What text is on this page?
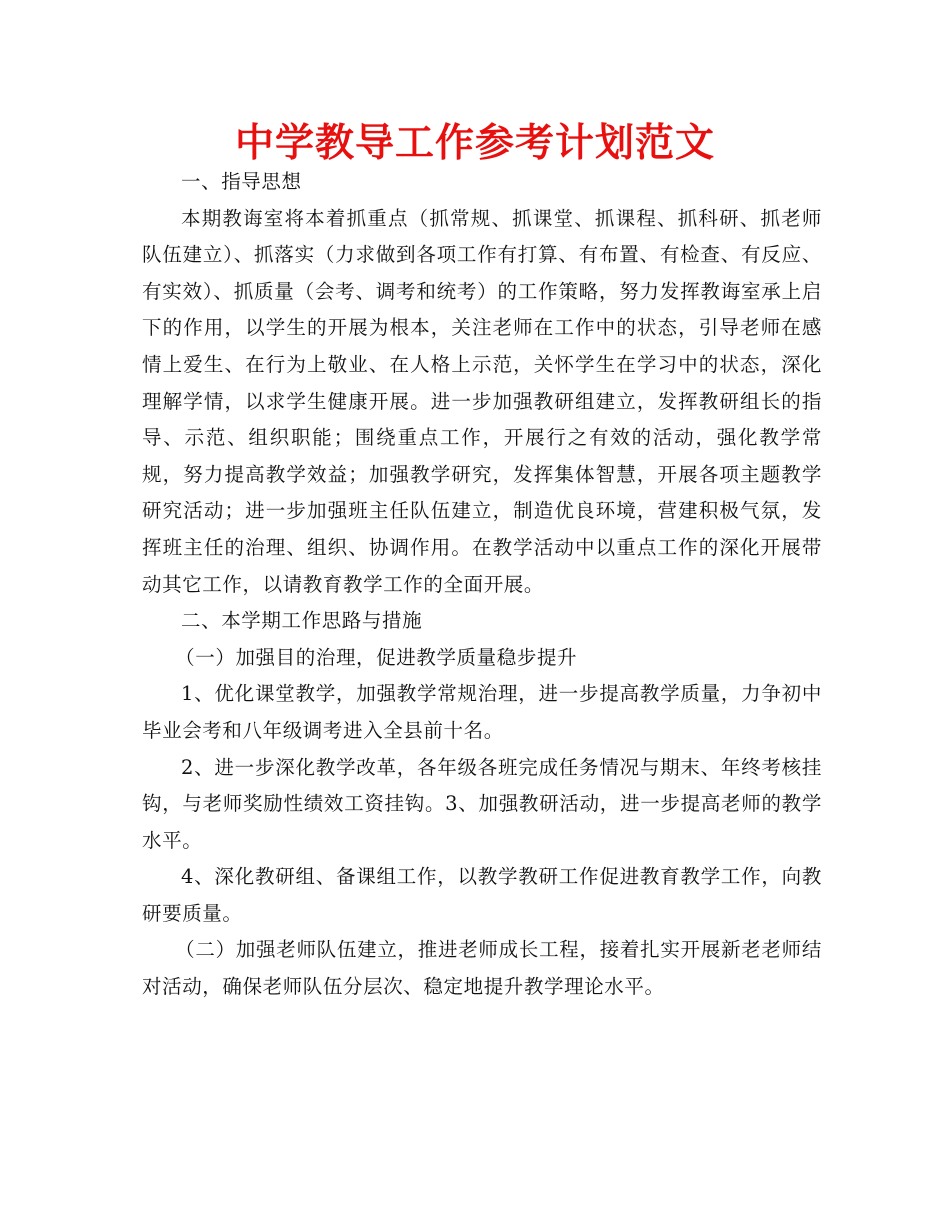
中学教导工作参考计划范文

一、指导思想

本期教诲室将本着抓重点（抓常规、抓课堂、抓课程、抓科研、抓老师队伍建立）、抓落实（力求做到各项工作有打算、有布置、有检查、有反应、有实效）、抓质量（会考、调考和统考）的工作策略，努力发挥教诲室承上启下的作用，以学生的开展为根本，关注老师在工作中的状态，引导老师在感情上爱生、在行为上敬业、在人格上示范，关怀学生在学习中的状态，深化理解学情，以求学生健康开展。进一步加强教研组建立，发挥教研组长的指导、示范、组织职能；围绕重点工作，开展行之有效的活动，强化教学常规，努力提高教学效益；加强教学研究，发挥集体智慧，开展各项主题教学研究活动；进一步加强班主任队伍建立，制造优良环境，营建积极气氛，发挥班主任的治理、组织、协调作用。在教学活动中以重点工作的深化开展带动其它工作，以请教育教学工作的全面开展。

二、本学期工作思路与措施

（一）加强目的治理，促进教学质量稳步提升

1、优化课堂教学，加强教学常规治理，进一步提高教学质量，力争初中毕业会考和八年级调考进入全县前十名。

2、进一步深化教学改革，各年级各班完成任务情况与期末、年终考核挂钩，与老师奖励性绩效工资挂钩。3、加强教研活动，进一步提高老师的教学水平。

4、深化教研组、备课组工作，以教学教研工作促进教育教学工作，向教研要质量。

（二）加强老师队伍建立，推进老师成长工程，接着扎实开展新老老师结对活动，确保老师队伍分层次、稳定地提升教学理论水平。
